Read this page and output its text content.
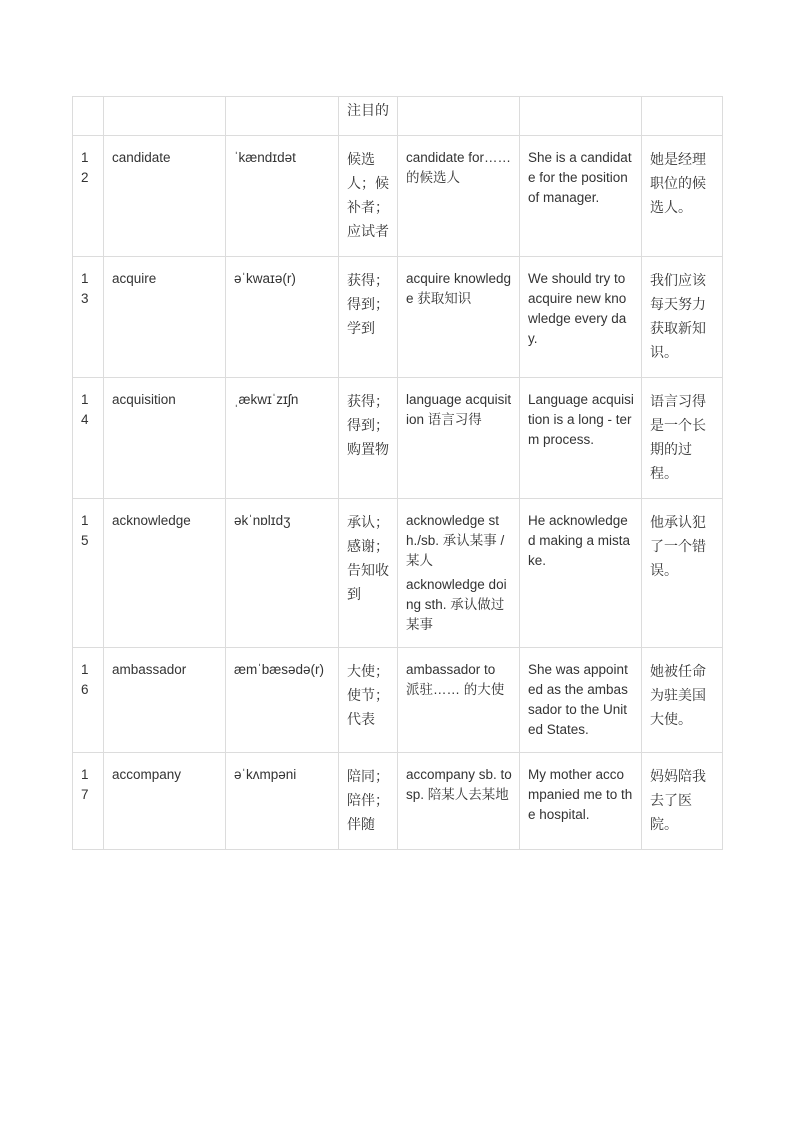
			注目的			
12	candidate	ˈkændɪdət	候选人；候补者；应试者	candidate for…… 的候选人	She is a candidate for the position of manager.	她是经理职位的候选人。
13	acquire	əˈkwaɪə(r)	获得；得到；学到	acquire knowledge 获取知识	We should try to acquire new knowledge every day.	我们应该每天努力获取新知识。
14	acquisition	ˌækwɪˈzɪʃn	获得；得到；购置物	language acquisition 语言习得	Language acquisition is a long - term process.	语言习得是一个长期的过程。
15	acknowledge	əkˈnɒlɪdʒ	承认；感谢；告知收到	acknowledge sth./sb. 承认某事 / 某人
acknowledge doing sth. 承认做过某事	He acknowledged making a mistake.	他承认犯了一个错误。
16	ambassador	æmˈbæsədə(r)	大使；使节；代表	ambassador to 派驻…… 的大使	She was appointed as the ambassador to the United States.	她被任命为驻美国大使。
17	accompany	əˈkʌmpəni	陪同；陪伴；伴随	accompany sb. to sp. 陪某人去某地	My mother accompanied me to the hospital.	妈妈陪我去了医院。
